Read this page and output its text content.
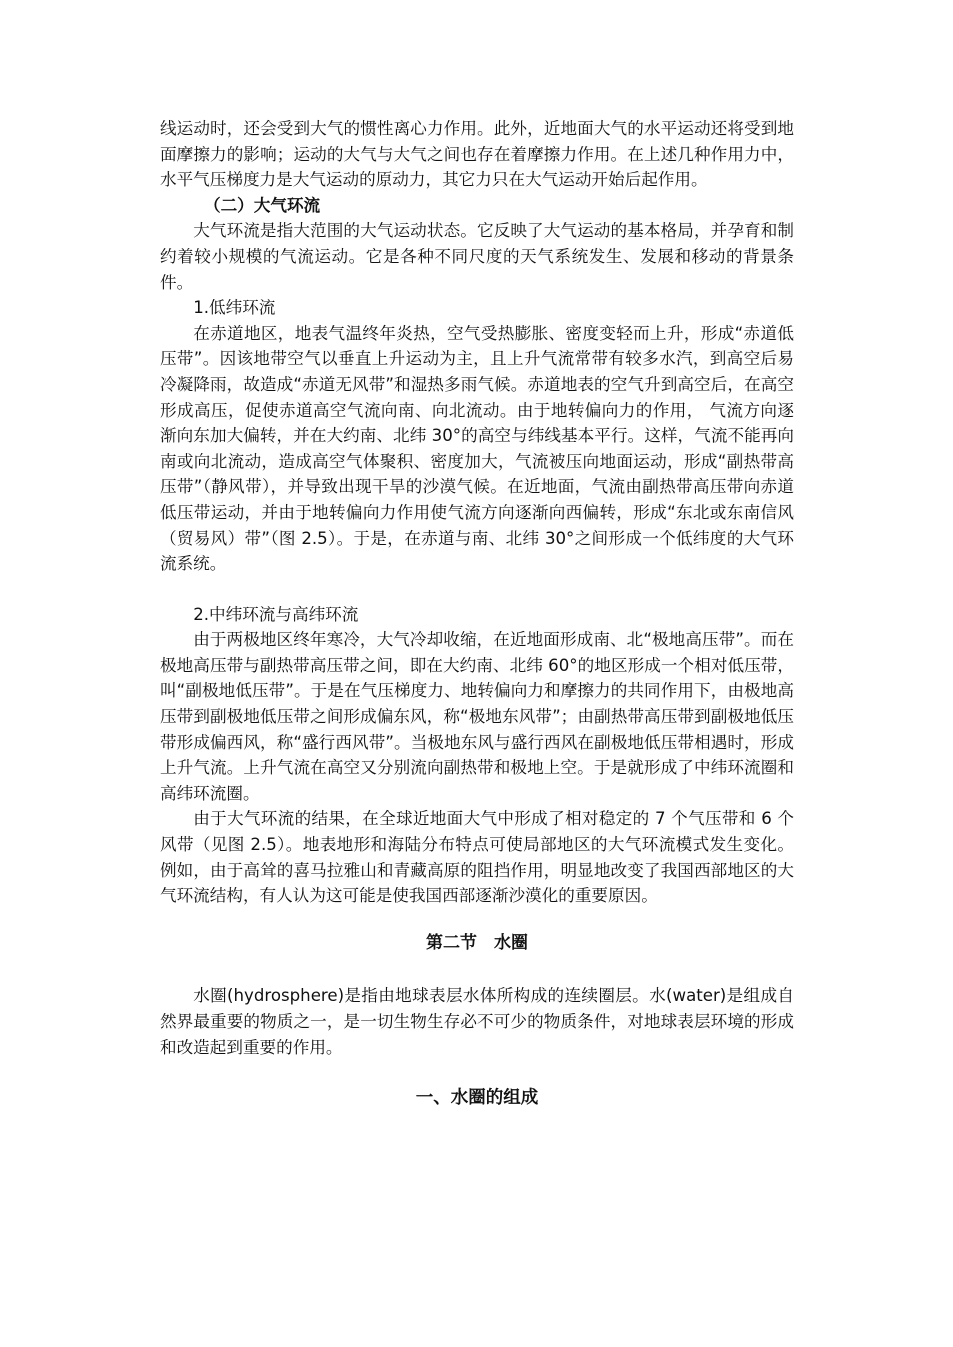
线运动时，还会受到大气的惯性离心力作用。此外，近地面大气的水平运动还将受到地面摩擦力的影响；运动的大气与大气之间也存在着摩擦力作用。在上述几种作用力中，水平气压梯度力是大气运动的原动力，其它力只在大气运动开始后起作用。

（二）大气环流

大气环流是指大范围的大气运动状态。它反映了大气运动的基本格局，并孕育和制约着较小规模的气流运动。它是各种不同尺度的天气系统发生、发展和移动的背景条件。

1.低纬环流

在赤道地区，地表气温终年炎热，空气受热膨胀、密度变轻而上升，形成“赤道低压带”。因该地带空气以垂直上升运动为主，且上升气流常带有较多水汽，到高空后易冷凝降雨，故造成“赤道无风带”和湿热多雨气候。赤道地表的空气升到高空后，在高空形成高压，促使赤道高空气流向南、向北流动。由于地转偏向力的作用， 气流方向逐渐向东加大偏转，并在大约南、北纬 30°的高空与纬线基本平行。这样，气流不能再向南或向北流动，造成高空气体聚积、密度加大，气流被压向地面运动，形成“副热带高压带”（静风带），并导致出现干旱的沙漠气候。在近地面，气流由副热带高压带向赤道低压带运动，并由于地转偏向力作用使气流方向逐渐向西偏转，形成“东北或东南信风（贸易风）带”（图 2.5）。于是，在赤道与南、北纬 30°之间形成一个低纬度的大气环流系统。

2.中纬环流与高纬环流

由于两极地区终年寒冷，大气冷却收缩，在近地面形成南、北“极地高压带”。而在极地高压带与副热带高压带之间，即在大约南、北纬 60°的地区形成一个相对低压带，叫“副极地低压带”。于是在气压梯度力、地转偏向力和摩擦力的共同作用下，由极地高压带到副极地低压带之间形成偏东风，称“极地东风带”；由副热带高压带到副极地低压带形成偏西风，称“盛行西风带”。当极地东风与盛行西风在副极地低压带相遇时，形成上升气流。上升气流在高空又分别流向副热带和极地上空。于是就形成了中纬环流圈和高纬环流圈。

由于大气环流的结果，在全球近地面大气中形成了相对稳定的 7 个气压带和 6 个风带（见图 2.5）。地表地形和海陆分布特点可使局部地区的大气环流模式发生变化。例如，由于高耸的喜马拉雅山和青藏高原的阻挡作用，明显地改变了我国西部地区的大气环流结构，有人认为这可能是使我国西部逐渐沙漠化的重要原因。

第二节　水圈

水圈(hydrosphere)是指由地球表层水体所构成的连续圈层。水(water)是组成自然界最重要的物质之一，是一切生物生存必不可少的物质条件，对地球表层环境的形成和改造起到重要的作用。

一、水圈的组成
